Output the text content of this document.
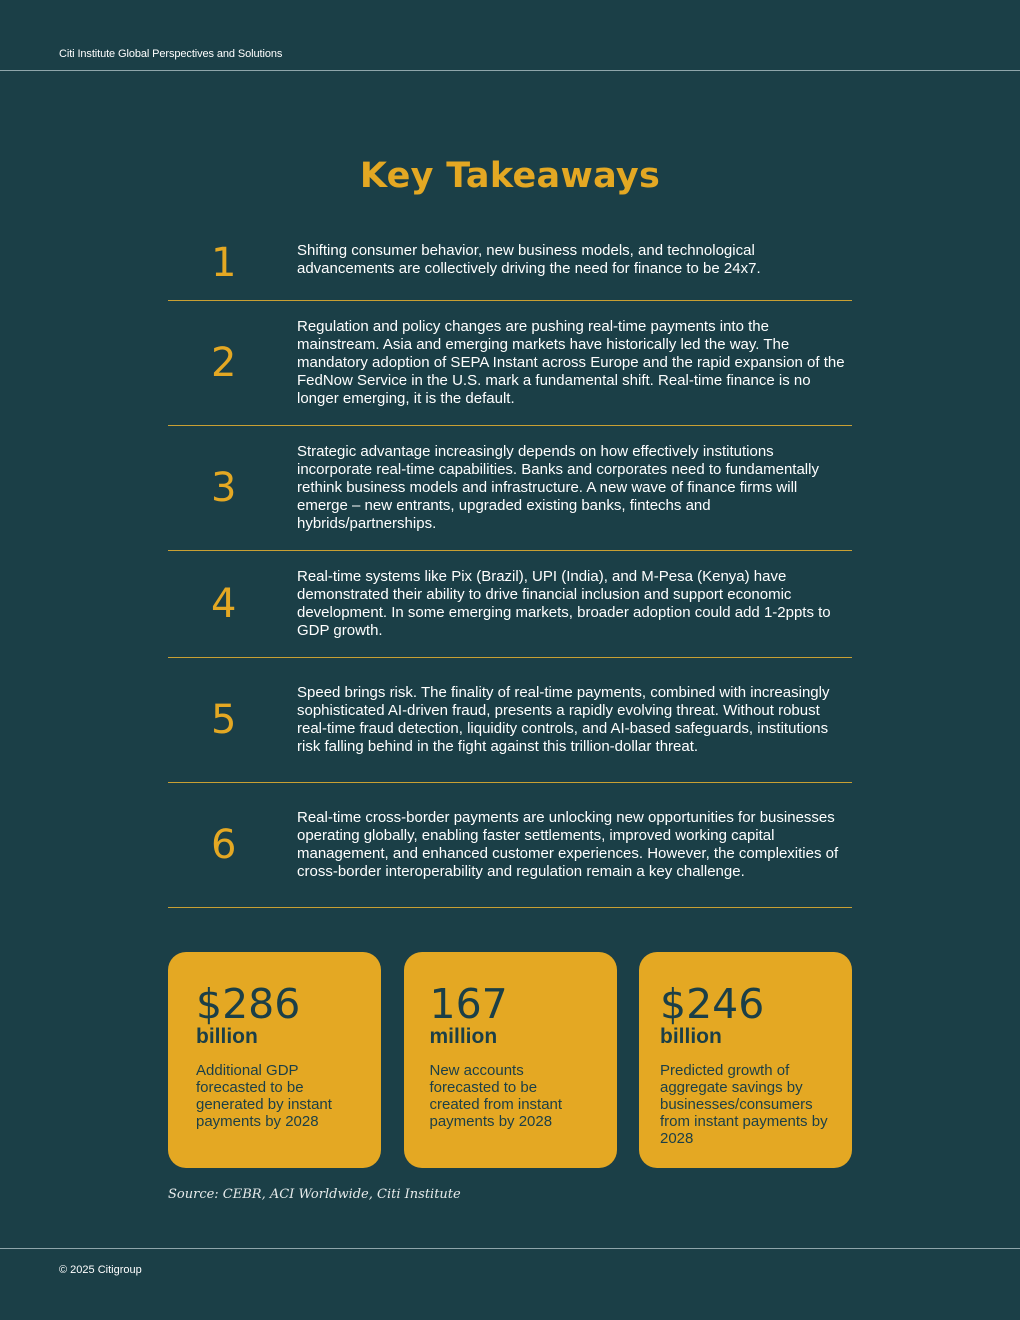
Citi Institute Global Perspectives and Solutions
Key Takeaways
1	Shifting consumer behavior, new business models, and technological advancements are collectively driving the need for finance to be 24x7.
2
Regulation and policy changes are pushing real-time payments into the mainstream. Asia and emerging markets have historically led the way. The mandatory adoption of SEPA Instant across Europe and the rapid expansion of the FedNow Service in the U.S. mark a fundamental shift. Real-time finance is no longer emerging, it is the default.
3
Strategic advantage increasingly depends on how effectively institutions incorporate real-time capabilities. Banks and corporates need to fundamentally rethink business models and infrastructure. A new wave of finance firms will emerge – new entrants, upgraded existing banks, fintechs and hybrids/partnerships.
4
Real-time systems like Pix (Brazil), UPI (India), and M-Pesa (Kenya) have demonstrated their ability to drive financial inclusion and support economic development. In some emerging markets, broader adoption could add 1-2ppts to GDP growth.
5
Speed brings risk. The finality of real-time payments, combined with increasingly sophisticated AI-driven fraud, presents a rapidly evolving threat. Without robust real-time fraud detection, liquidity controls, and AI-based safeguards, institutions risk falling behind in the fight against this trillion-dollar threat.
6
Real-time cross-border payments are unlocking new opportunities for businesses operating globally, enabling faster settlements, improved working capital management, and enhanced customer experiences. However, the complexities of cross-border interoperability and regulation remain a key challenge.
$286
billion
Additional GDP forecasted to be generated by instant payments by 2028
167
million
New accounts forecasted to be created from instant payments by 2028
$246
billion
Predicted growth of aggregate savings by businesses/consumers from instant payments by 2028
Source: CEBR, ACI Worldwide, Citi Institute
© 2025 Citigroup
